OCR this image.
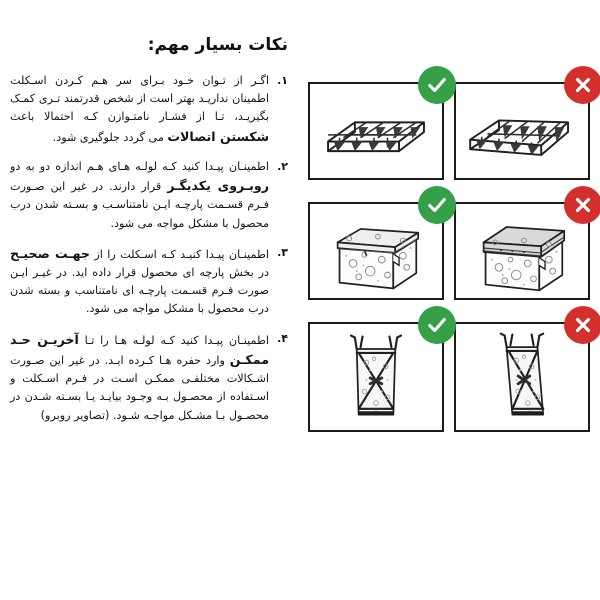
نکات بسیار مهم:
۱.
اگـر از تـوان خـود بـرای سر هـم کـردن اسـکلت اطمینان نداریـد بهتر است از شخص قدرتمند تـری کمـک بگیریـد، تـا از فشـار نامتـوازن کـه احتمالا باعث شکستن اتصالات می گردد جلوگیری شود.
۲.
اطمینـان پیـدا کنید کـه لولـه هـای هـم اندازه دو به دو روبـروی یکدیگـر قرار دارند. در غیر این صـورت فـرم قسـمت پارچـه ایـن نامتناسـب و بسـته شدن درب محصول با مشکل مواجه می شود.
۳.
اطمینـان پیـدا کنیـد کـه اسـکلت را از جهـت صحیـح در بخش پارچه ای محصول قرار داده اید. در غیـر ایـن صورت فـرم قسـمت پارچـه ای نامتناسب و بسته شدن درب محصول با مشکل مواجه می شود.
۴.
اطمینـان پیـدا کنید کـه لولـه هـا را تـا آخریـن حـد ممکـن وارد حفره هـا کـرده ایـد. در غیر این صـورت اشـکالات مختلفـی ممکـن اسـت در فـرم اسـکلت و اسـتفاده از محصـول بـه وجـود بیایـد یـا بسـته شـدن در محصـول بـا مشـکل مواجـه شـود. (تصاویر روبرو)
